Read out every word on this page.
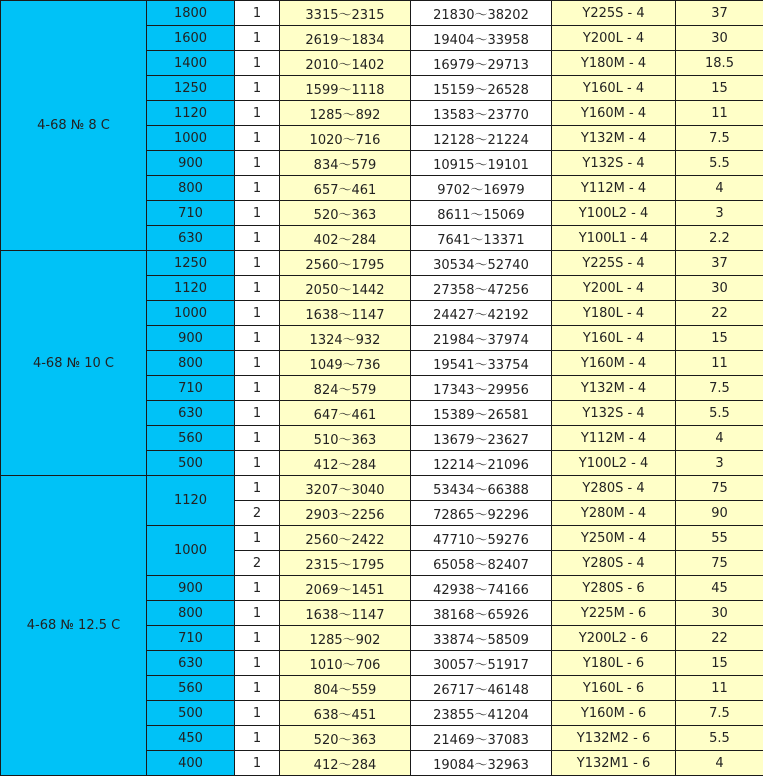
4-68 № 8 C	1800	1	3315～2315	21830～38202	Y225S - 4	37
	1600	1	2619～1834	19404～33958	Y200L - 4	30
	1400	1	2010～1402	16979～29713	Y180M - 4	18.5
	1250	1	1599～1118	15159～26528	Y160L - 4	15
	1120	1	1285～892	13583～23770	Y160M - 4	11
	1000	1	1020～716	12128～21224	Y132M - 4	7.5
	900	1	834～579	10915～19101	Y132S - 4	5.5
	800	1	657～461	9702～16979	Y112M - 4	4
	710	1	520～363	8611～15069	Y100L2 - 4	3
	630	1	402～284	7641～13371	Y100L1 - 4	2.2
4-68 № 10 C	1250	1	2560～1795	30534～52740	Y225S - 4	37
	1120	1	2050～1442	27358～47256	Y200L - 4	30
	1000	1	1638～1147	24427～42192	Y180L - 4	22
	900	1	1324～932	21984～37974	Y160L - 4	15
	800	1	1049～736	19541～33754	Y160M - 4	11
	710	1	824～579	17343～29956	Y132M - 4	7.5
	630	1	647～461	15389～26581	Y132S - 4	5.5
	560	1	510～363	13679～23627	Y112M - 4	4
	500	1	412～284	12214～21096	Y100L2 - 4	3
4-68 № 12.5 C	1120	1	3207～3040	53434～66388	Y280S - 4	75
		2	2903～2256	72865～92296	Y280M - 4	90
	1000	1	2560～2422	47710～59276	Y250M - 4	55
		2	2315～1795	65058～82407	Y280S - 4	75
	900	1	2069～1451	42938～74166	Y280S - 6	45
	800	1	1638～1147	38168～65926	Y225M - 6	30
	710	1	1285～902	33874～58509	Y200L2 - 6	22
	630	1	1010～706	30057～51917	Y180L - 6	15
	560	1	804～559	26717～46148	Y160L - 6	11
	500	1	638～451	23855～41204	Y160M - 6	7.5
	450	1	520～363	21469～37083	Y132M2 - 6	5.5
	400	1	412～284	19084～32963	Y132M1 - 6	4
